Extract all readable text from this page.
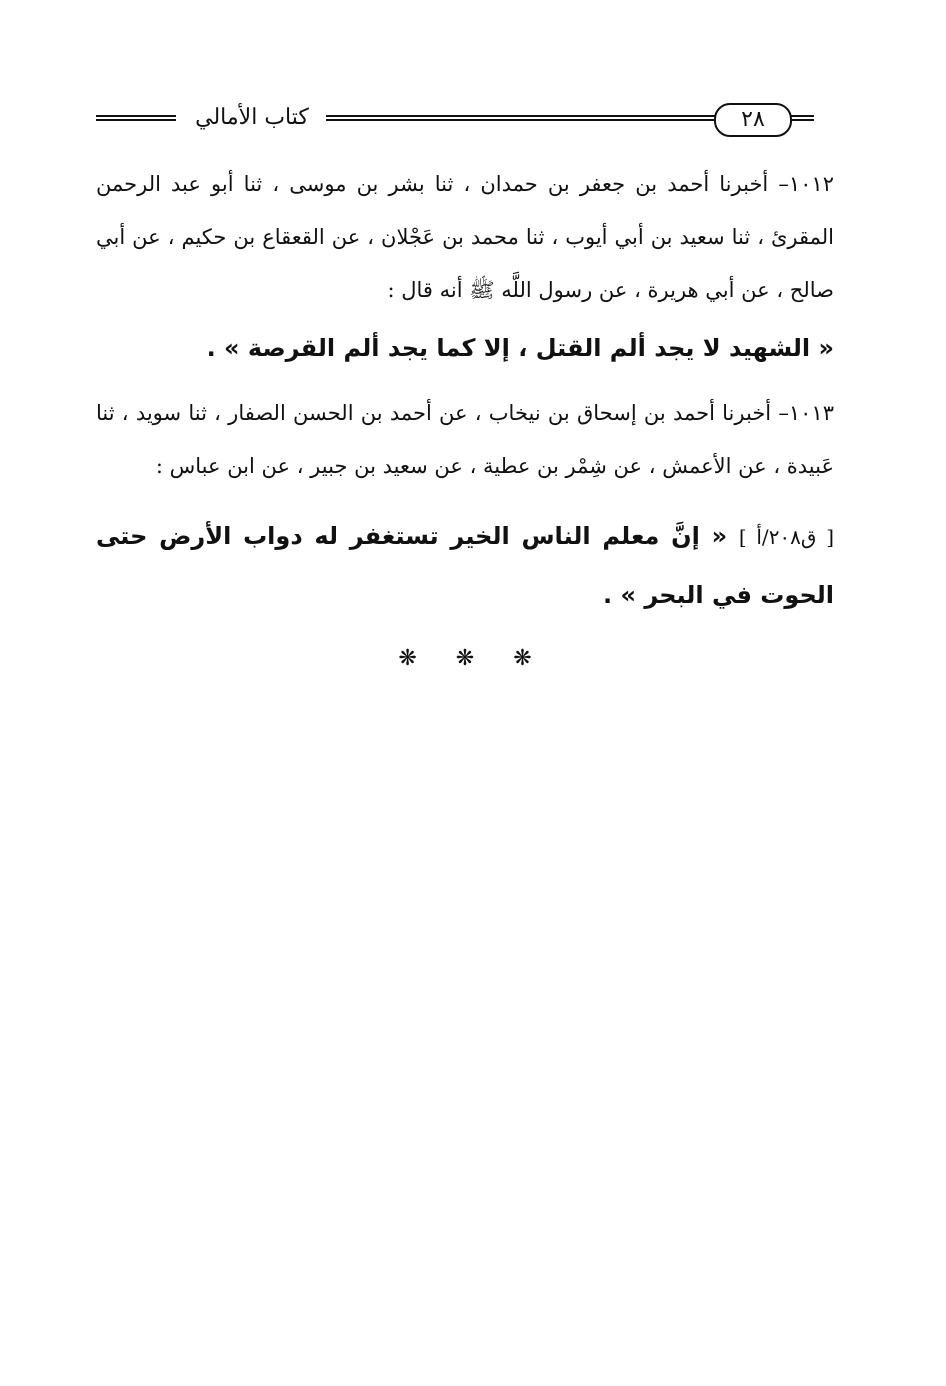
كتاب الأمالي	٢٨

١٠١٢– أخبرنا أحمد بن جعفر بن حمدان ، ثنا بشر بن موسى ، ثنا أبو عبد الرحمن المقرئ ، ثنا سعيد بن أبي أيوب ، ثنا محمد بن عَجْلان ، عن القعقاع بن حكيم ، عن أبي صالح ، عن أبي هريرة ، عن رسول اللَّه ﷺ أنه قال :

« الشهيد لا يجد ألم القتل ، إلا كما يجد ألم القرصة » .

١٠١٣– أخبرنا أحمد بن إسحاق بن نيخاب ، عن أحمد بن الحسن الصفار ، ثنا سويد ، ثنا عَبيدة ، عن الأعمش ، عن شِمْر بن عطية ، عن سعيد بن جبير ، عن ابن عباس :

[ ق٢٠٨/أ ] « إنَّ معلم الناس الخير تستغفر له دواب الأرض حتى الحوت في البحر » .

❋ ❋ ❋
